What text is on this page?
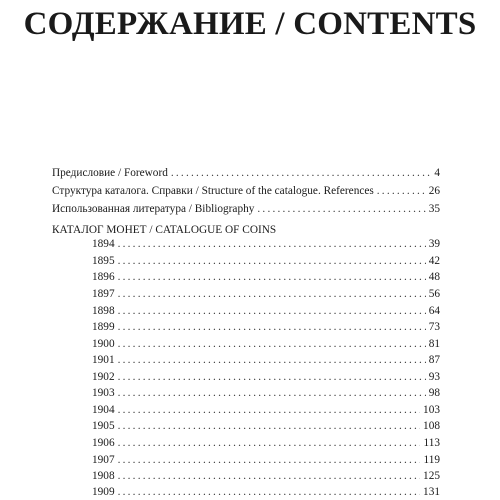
СОДЕРЖАНИЕ / CONTENTS
Предисловие / Foreword .....	4
Структура каталога. Справки / Structure of the catalogue. References .....	26
Использованная литература / Bibliography .....	35
КАТАЛОГ МОНЕТ / CATALOGUE OF COINS
1894 .....	39
1895 .....	42
1896 .....	48
1897 .....	56
1898 .....	64
1899 .....	73
1900 .....	81
1901 .....	87
1902 .....	93
1903 .....	98
1904 .....	103
1905 .....	108
1906 .....	113
1907 .....	119
1908 .....	125
1909 .....	131
